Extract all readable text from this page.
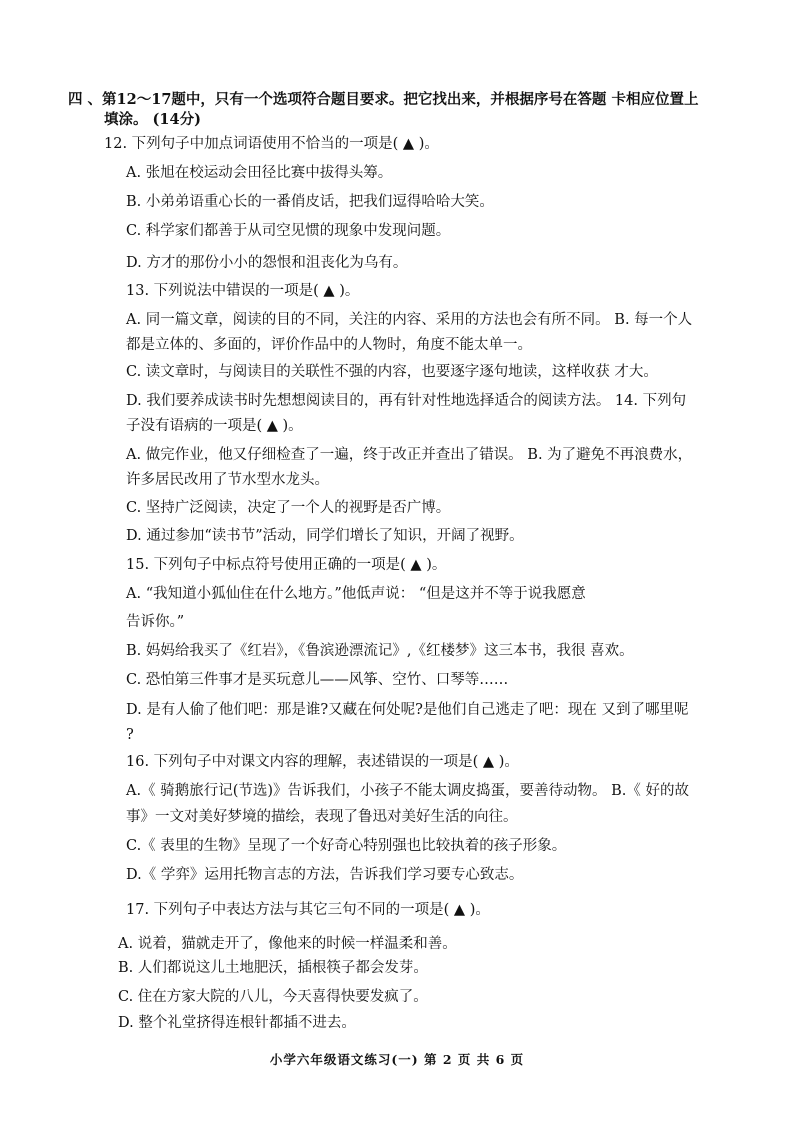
四 、第12～17题中，只有一个选项符合题目要求。把它找出来，并根据序号在答题 卡相应位置上
填涂。 (14分)
12. 下列句子中加点词语使用不恰当的一项是( ▲ )。
A. 张旭在校运动会田径比赛中拔得头筹。
B. 小弟弟语重心长的一番俏皮话，把我们逗得哈哈大笑。
C. 科学家们都善于从司空见惯的现象中发现问题。
D. 方才的那份小小的怨恨和沮丧化为乌有。
13. 下列说法中错误的一项是( ▲ )。
A. 同一篇文章，阅读的目的不同，关注的内容、采用的方法也会有所不同。 B. 每一个人
都是立体的、多面的，评价作品中的人物时，角度不能太单一。
C. 读文章时，与阅读目的关联性不强的内容，也要逐字逐句地读，这样收获 才大。
D. 我们要养成读书时先想想阅读目的，再有针对性地选择适合的阅读方法。 14. 下列句
子没有语病的一项是( ▲ )。
A. 做完作业，他又仔细检查了一遍，终于改正并查出了错误。 B. 为了避免不再浪费水，
许多居民改用了节水型水龙头。
C. 坚持广泛阅读，决定了一个人的视野是否广博。
D. 通过参加“读书节”活动，同学们增长了知识，开阔了视野。
15. 下列句子中标点符号使用正确的一项是( ▲ )。
A. “我知道小狐仙住在什么地方。”他低声说： “但是这并不等于说我愿意
告诉你。”
B. 妈妈给我买了《红岩》，《鲁滨逊漂流记》,《红楼梦》这三本书，我很 喜欢。
C. 恐怕第三件事才是买玩意儿——风筝、空竹、口琴等……
D. 是有人偷了他们吧：那是谁?又藏在何处呢?是他们自己逃走了吧：现在 又到了哪里呢
?
16. 下列句子中对课文内容的理解，表述错误的一项是( ▲ )。
A.《 骑鹅旅行记(节选)》告诉我们，小孩子不能太调皮捣蛋，要善待动物。 B.《 好的故
事》一文对美好梦境的描绘，表现了鲁迅对美好生活的向往。
C.《 表里的生物》呈现了一个好奇心特别强也比较执着的孩子形象。
D.《 学弈》运用托物言志的方法，告诉我们学习要专心致志。
17. 下列句子中表达方法与其它三句不同的一项是( ▲ )。
A. 说着，猫就走开了，像他来的时候一样温柔和善。
B. 人们都说这儿土地肥沃，插根筷子都会发芽。
C. 住在方家大院的八儿，今天喜得快要发疯了。
D. 整个礼堂挤得连根针都插不进去。
小学六年级语文练习(一) 第 2 页 共 6 页
